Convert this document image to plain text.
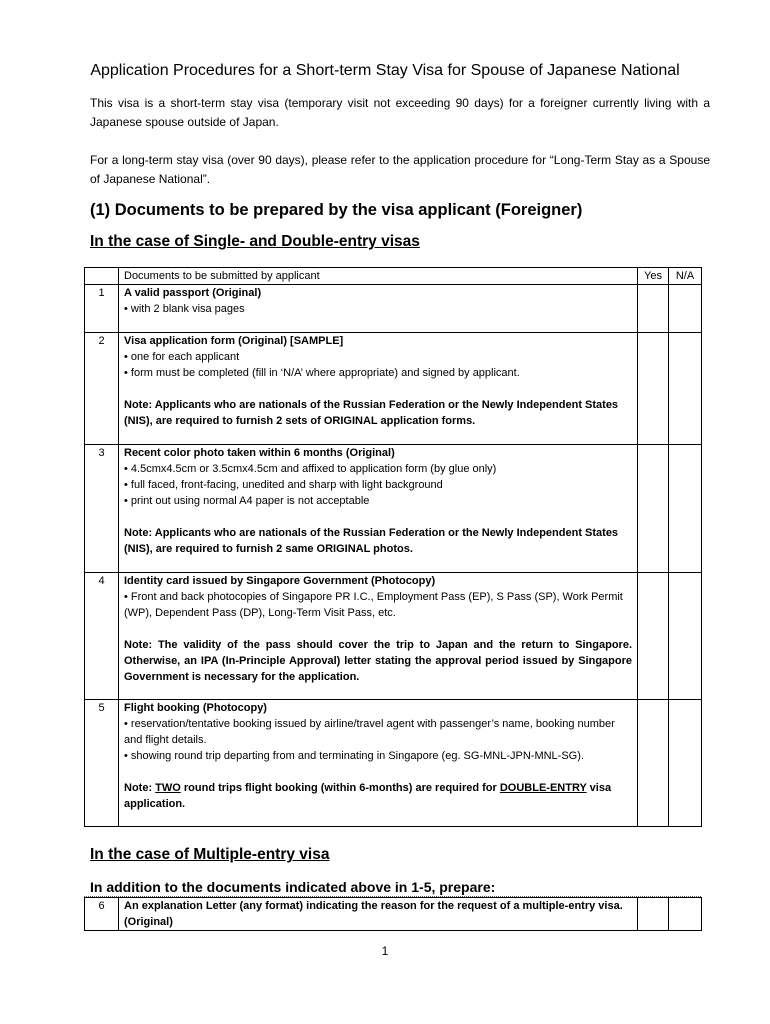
Application Procedures for a Short-term Stay Visa for Spouse of Japanese National

This visa is a short-term stay visa (temporary visit not exceeding 90 days) for a foreigner currently living with a Japanese spouse outside of Japan.

For a long-term stay visa (over 90 days), please refer to the application procedure for “Long-Term Stay as a Spouse of Japanese National”.

(1) Documents to be prepared by the visa applicant (Foreigner)
In the case of Single- and Double-entry visas
	Documents to be submitted by applicant	Yes	N/A
1	A valid passport (Original)
• with 2 blank visa pages

2	Visa application form (Original) [SAMPLE]
• one for each applicant
• form must be completed (fill in ‘N/A’ where appropriate) and signed by applicant.
Note: Applicants who are nationals of the Russian Federation or the Newly Independent States (NIS), are required to furnish 2 sets of ORIGINAL application forms.

3	Recent color photo taken within 6 months (Original)
• 4.5cmx4.5cm or 3.5cmx4.5cm and affixed to application form (by glue only)
• full faced, front-facing, unedited and sharp with light background
• print out using normal A4 paper is not acceptable
Note: Applicants who are nationals of the Russian Federation or the Newly Independent States (NIS), are required to furnish 2 same ORIGINAL photos.

4	Identity card issued by Singapore Government (Photocopy)
• Front and back photocopies of Singapore PR I.C., Employment Pass (EP), S Pass (SP), Work Permit (WP), Dependent Pass (DP), Long-Term Visit Pass, etc.
Note: The validity of the pass should cover the trip to Japan and the return to Singapore. Otherwise, an IPA (In-Principle Approval) letter stating the approval period issued by Singapore Government is necessary for the application.

5	Flight booking (Photocopy)
• reservation/tentative booking issued by airline/travel agent with passenger’s name, booking number and flight details.
• showing round trip departing from and terminating in Singapore (eg. SG-MNL-JPN-MNL-SG).
Note: TWO round trips flight booking (within 6-months) are required for DOUBLE-ENTRY visa application.

In the case of Multiple-entry visa
In addition to the documents indicated above in 1-5, prepare:
6	An explanation Letter (any format) indicating the reason for the request of a multiple-entry visa. (Original)

1
